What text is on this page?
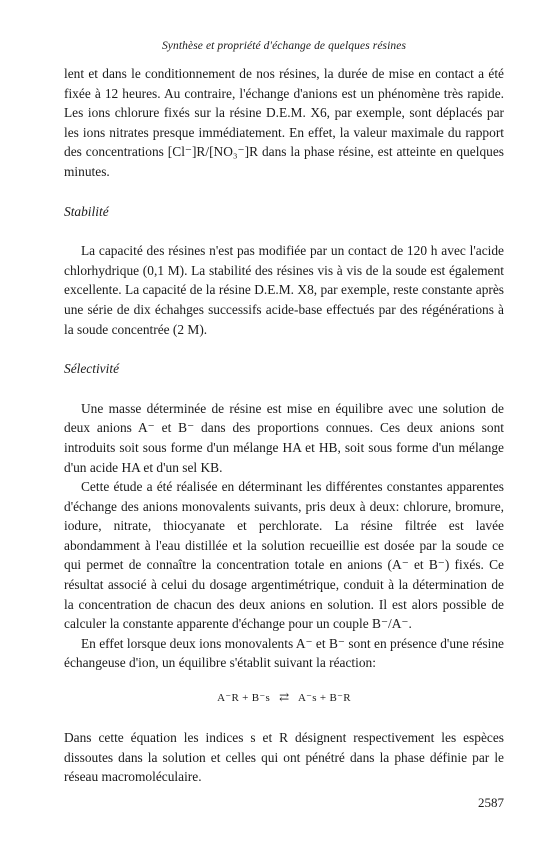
Synthèse et propriété d'échange de quelques résines

lent et dans le conditionnement de nos résines, la durée de mise en contact a été fixée à 12 heures. Au contraire, l'échange d'anions est un phénomène très rapide. Les ions chlorure fixés sur la résine D.E.M. X6, par exemple, sont déplacés par les ions nitrates presque immédiatement. En effet, la valeur maximale du rapport des concentrations [Cl⁻]R/[NO₃⁻]R dans la phase résine, est atteinte en quelques minutes.

Stabilité

La capacité des résines n'est pas modifiée par un contact de 120 h avec l'acide chlorhydrique (0,1 M). La stabilité des résines vis à vis de la soude est également excellente. La capacité de la résine D.E.M. X8, par exemple, reste constante après une série de dix échahges successifs acide-base effectués par des régénérations à la soude concentrée (2 M).

Sélectivité

Une masse déterminée de résine est mise en équilibre avec une solution de deux anions A⁻ et B⁻ dans des proportions connues. Ces deux anions sont introduits soit sous forme d'un mélange HA et HB, soit sous forme d'un mélange d'un acide HA et d'un sel KB.

Cette étude a été réalisée en déterminant les différentes constantes apparentes d'échange des anions monovalents suivants, pris deux à deux: chlorure, bromure, iodure, nitrate, thiocyanate et perchlorate. La résine filtrée est lavée abondamment à l'eau distillée et la solution recueillie est dosée par la soude ce qui permet de connaître la concentration totale en anions (A⁻ et B⁻) fixés. Ce résultat associé à celui du dosage argentimétrique, conduit à la détermination de la concentration de chacun des deux anions en solution. Il est alors possible de calculer la constante apparente d'échange pour un couple B⁻/A⁻.

En effet lorsque deux ions monovalents A⁻ et B⁻ sont en présence d'une résine échangeuse d'ion, un équilibre s'établit suivant la réaction:

A⁻R + B⁻s ⇄ A⁻s + B⁻R

Dans cette équation les indices s et R désignent respectivement les espèces dissoutes dans la solution et celles qui ont pénétré dans la phase définie par le réseau macromoléculaire.

2587
